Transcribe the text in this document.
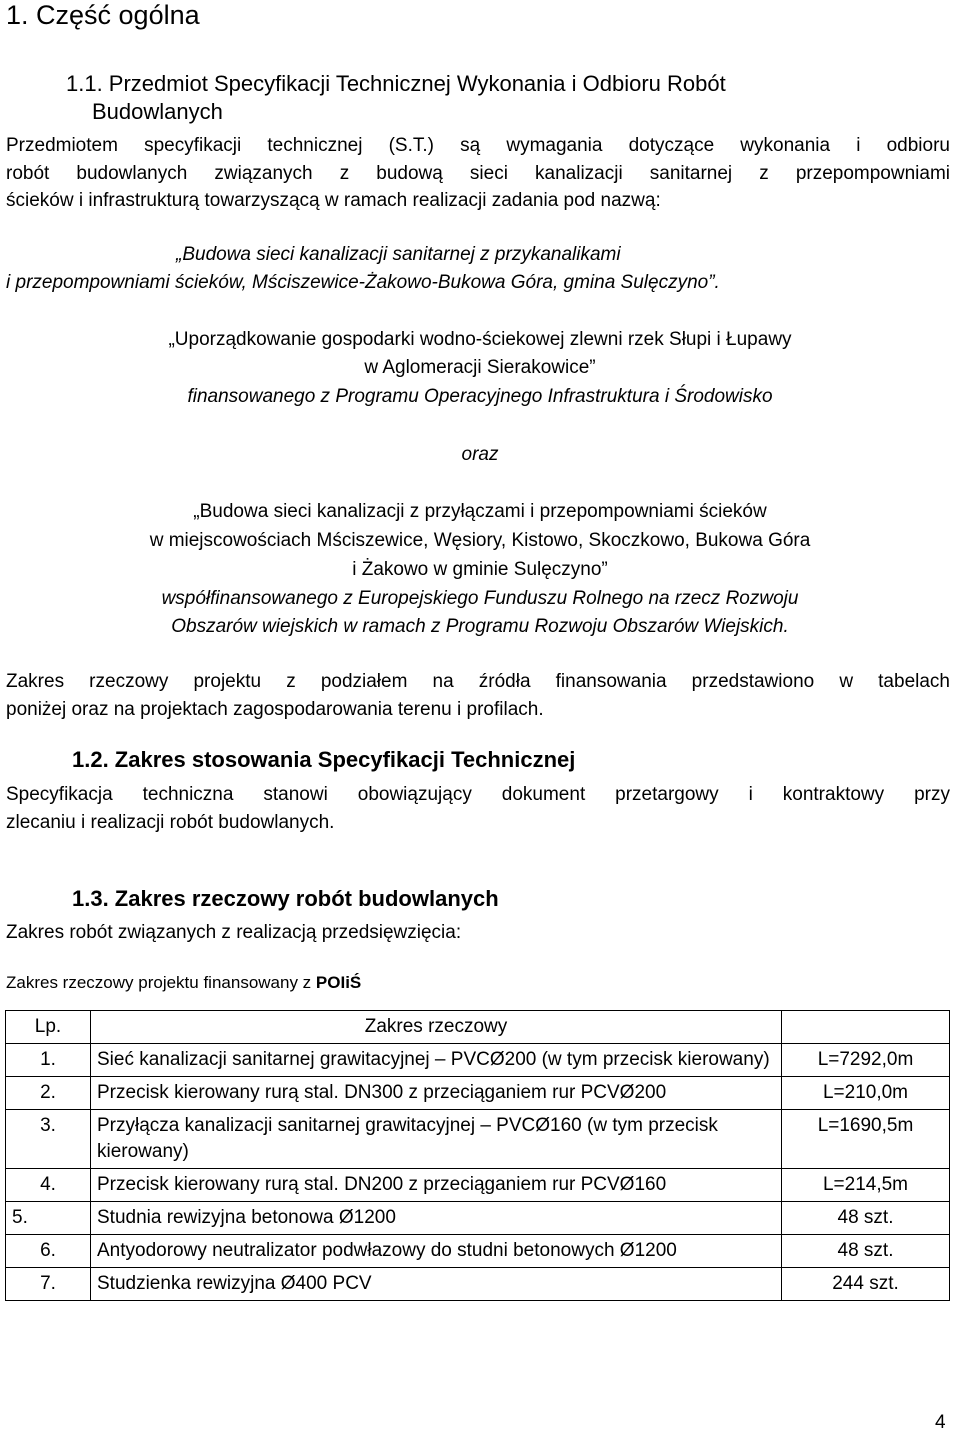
1. Część ogólna
1.1. Przedmiot Specyfikacji Technicznej Wykonania i Odbioru Robót
Budowlanych
Przedmiotem specyfikacji technicznej (S.T.) są wymagania dotyczące wykonania i odbioru
robót budowlanych związanych z budową sieci kanalizacji sanitarnej z przepompowniami
ścieków i infrastrukturą towarzyszącą w ramach realizacji zadania pod nazwą:
„Budowa sieci kanalizacji sanitarnej z przykanalikami
i przepompowniami ścieków, Mściszewice-Żakowo-Bukowa Góra, gmina Sulęczyno”.
„Uporządkowanie gospodarki wodno-ściekowej zlewni rzek Słupi i Łupawy
w Aglomeracji Sierakowice”
finansowanego z Programu Operacyjnego Infrastruktura i Środowisko
oraz
„Budowa sieci kanalizacji z przyłączami i przepompowniami ścieków
w miejscowościach Mściszewice, Węsiory, Kistowo, Skoczkowo, Bukowa Góra
i Żakowo w gminie Sulęczyno”
współfinansowanego z Europejskiego Funduszu Rolnego na rzecz Rozwoju
Obszarów wiejskich w ramach z Programu Rozwoju Obszarów Wiejskich.
Zakres rzeczowy projektu z podziałem na źródła finansowania przedstawiono w tabelach
poniżej oraz na projektach zagospodarowania terenu i profilach.
1.2. Zakres stosowania Specyfikacji Technicznej
Specyfikacja techniczna stanowi obowiązujący dokument przetargowy i kontraktowy przy
zlecaniu i realizacji robót budowlanych.
1.3. Zakres rzeczowy robót budowlanych
Zakres robót związanych z realizacją przedsięwzięcia:
Zakres rzeczowy projektu finansowany z POIiŚ
Lp.	Zakres rzeczowy	
1.	Sieć kanalizacji sanitarnej grawitacyjnej – PVCØ200 (w tym przecisk kierowany)	L=7292,0m
2.	Przecisk kierowany rurą stal. DN300 z przeciąganiem rur PCVØ200	L=210,0m
3.	Przyłącza kanalizacji sanitarnej grawitacyjnej – PVCØ160 (w tym przecisk kierowany)	L=1690,5m
4.	Przecisk kierowany rurą stal. DN200 z przeciąganiem rur PCVØ160	L=214,5m
5.	Studnia rewizyjna betonowa Ø1200	48 szt.
6.	Antyodorowy neutralizator podwłazowy do studni betonowych Ø1200	48 szt.
7.	Studzienka rewizyjna Ø400 PCV	244 szt.
4
